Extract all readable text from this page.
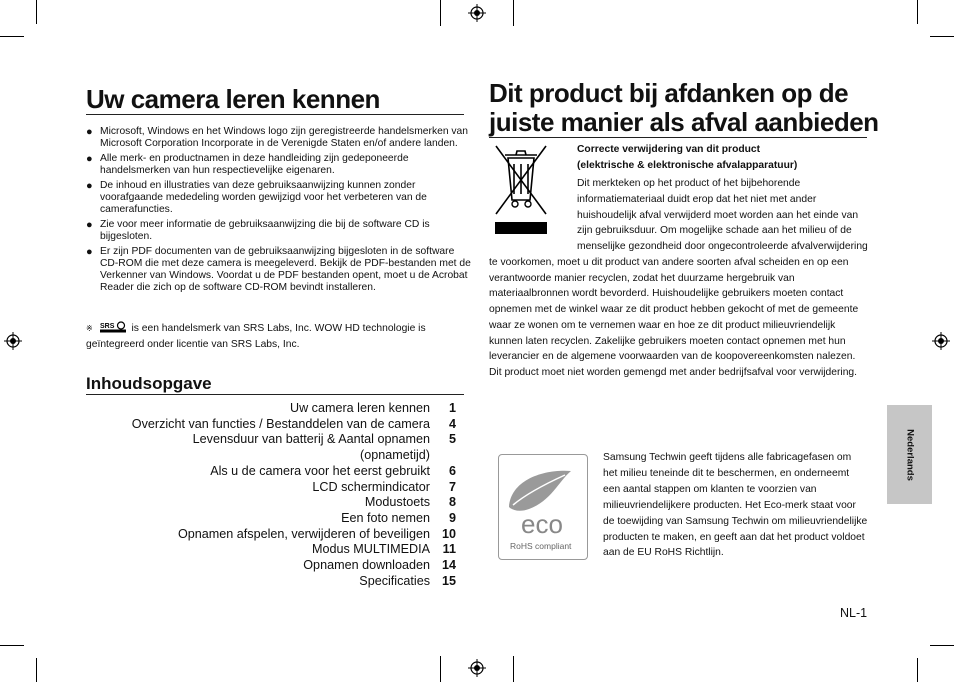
Uw camera leren kennen
● Microsoft, Windows en het Windows logo zijn geregistreerde handelsmerken van Microsoft Corporation Incorporate in de Verenigde Staten en/of andere landen.
● Alle merk- en productnamen in deze handleiding zijn gedeponeerde handelsmerken van hun respectievelijke eigenaren.
● De inhoud en illustraties van deze gebruiksaanwijzing kunnen zonder voorafgaande mededeling worden gewijzigd voor het verbeteren van de camerafuncties.
● Zie voor meer informatie de gebruiksaanwijzing die bij de software CD is bijgesloten.
● Er zijn PDF documenten van de gebruiksaanwijzing bijgesloten in de software CD-ROM die met deze camera is meegeleverd. Bekijk de PDF-bestanden met de Verkenner van Windows. Voordat u de PDF bestanden opent, moet u de Acrobat Reader die zich op de software CD-ROM bevindt installeren.
※ SRS is een handelsmerk van SRS Labs, Inc. WOW HD technologie is geïntegreerd onder licentie van SRS Labs, Inc.
Inhoudsopgave
Uw camera leren kennen	1
Overzicht van functies / Bestanddelen van de camera	4
Levensduur van batterij & Aantal opnamen	5
(opnametijd)
Als u de camera voor het eerst gebruikt	6
LCD schermindicator	7
Modustoets	8
Een foto nemen	9
Opnamen afspelen, verwijderen of beveiligen 10
Modus MULTIMEDIA	11
Opnamen downloaden 14
Specificaties 15
Dit product bij afdanken op de juiste manier als afval aanbieden
Correcte verwijdering van dit product
(elektrische & elektronische afvalapparatuur)
Dit merkteken op het product of het bijbehorende informatiemateriaal duidt erop dat het niet met ander huishoudelijk afval verwijderd moet worden aan het einde van zijn gebruiksduur. Om mogelijke schade aan het milieu of de menselijke gezondheid door ongecontroleerde afvalverwijdering te voorkomen, moet u dit product van andere soorten afval scheiden en op een verantwoorde manier recyclen, zodat het duurzame hergebruik van materiaalbronnen wordt bevorderd. Huishoudelijke gebruikers moeten contact opnemen met de winkel waar ze dit product hebben gekocht of met de gemeente waar ze wonen om te vernemen waar en hoe ze dit product milieuvriendelijk kunnen laten recyclen. Zakelijke gebruikers moeten contact opnemen met hun leverancier en de algemene voorwaarden van de koopovereenkomsten nalezen. Dit product moet niet worden gemengd met ander bedrijfsafval voor verwijdering.
eco
RoHS compliant
Samsung Techwin geeft tijdens alle fabricagefasen om het milieu teneinde dit te beschermen, en onderneemt een aantal stappen om klanten te voorzien van milieuvriendelijkere producten. Het Eco-merk staat voor de toewijding van Samsung Techwin om milieuvriendelijke producten te maken, en geeft aan dat het product voldoet aan de EU RoHS Richtlijn.
Nederlands
NL-1
